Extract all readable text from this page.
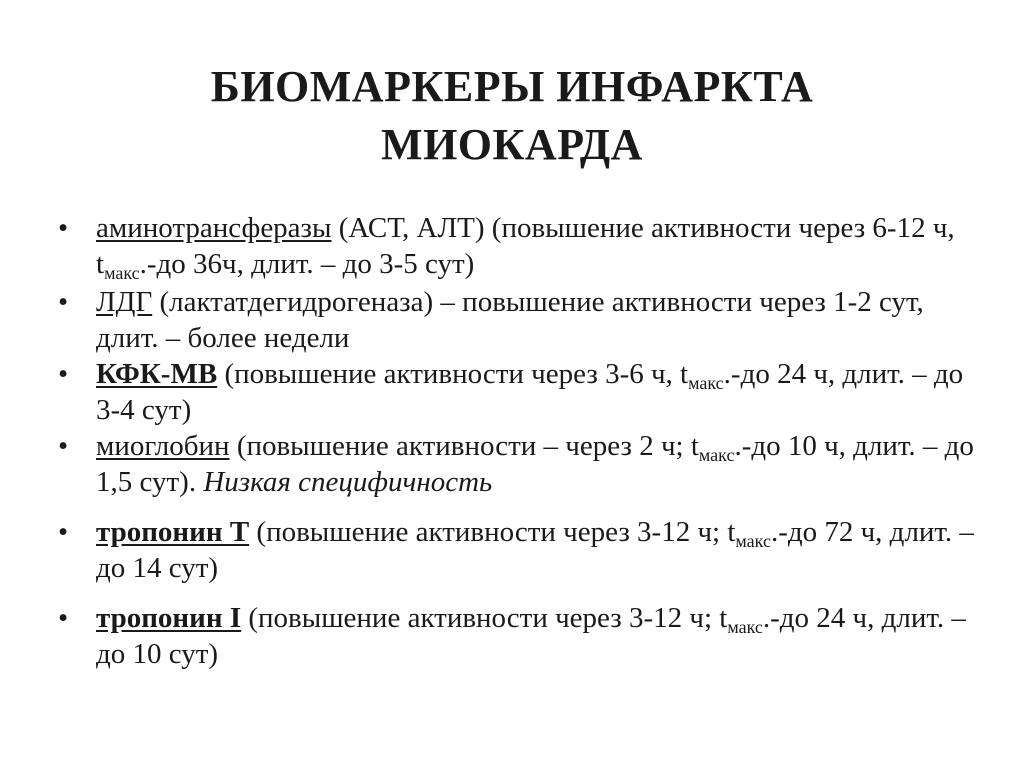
БИОМАРКЕРЫ ИНФАРКТА
МИОКАРДА
• аминотрансферазы (АСТ, АЛТ) (повышение активности через 6-12 ч, $t_{макс}.-до$ 36ч, длит. – до 3-5 сут)
• ЛДГ (лактатдегидрогеназа) – повышение активности через 1-2 сут, длит. – более недели
• КФК-МВ (повышение активности через 3-6 ч, $t_{макс}.-до$ 24 ч, длит. – до 3-4 сут)
• миоглобин (повышение активности – через 2 ч; $t_{макс}.-до$ 10 ч, длит. – до 1,5 сут). Низкая специфичность
• тропонин Т (повышение активности через 3-12 ч; $t_{макс}.-до$ 72 ч, длит. – до 14 сут)
• тропонин I (повышение активности через 3-12 ч; $t_{макс}.-до$ 24 ч, длит. – до 10 сут)
